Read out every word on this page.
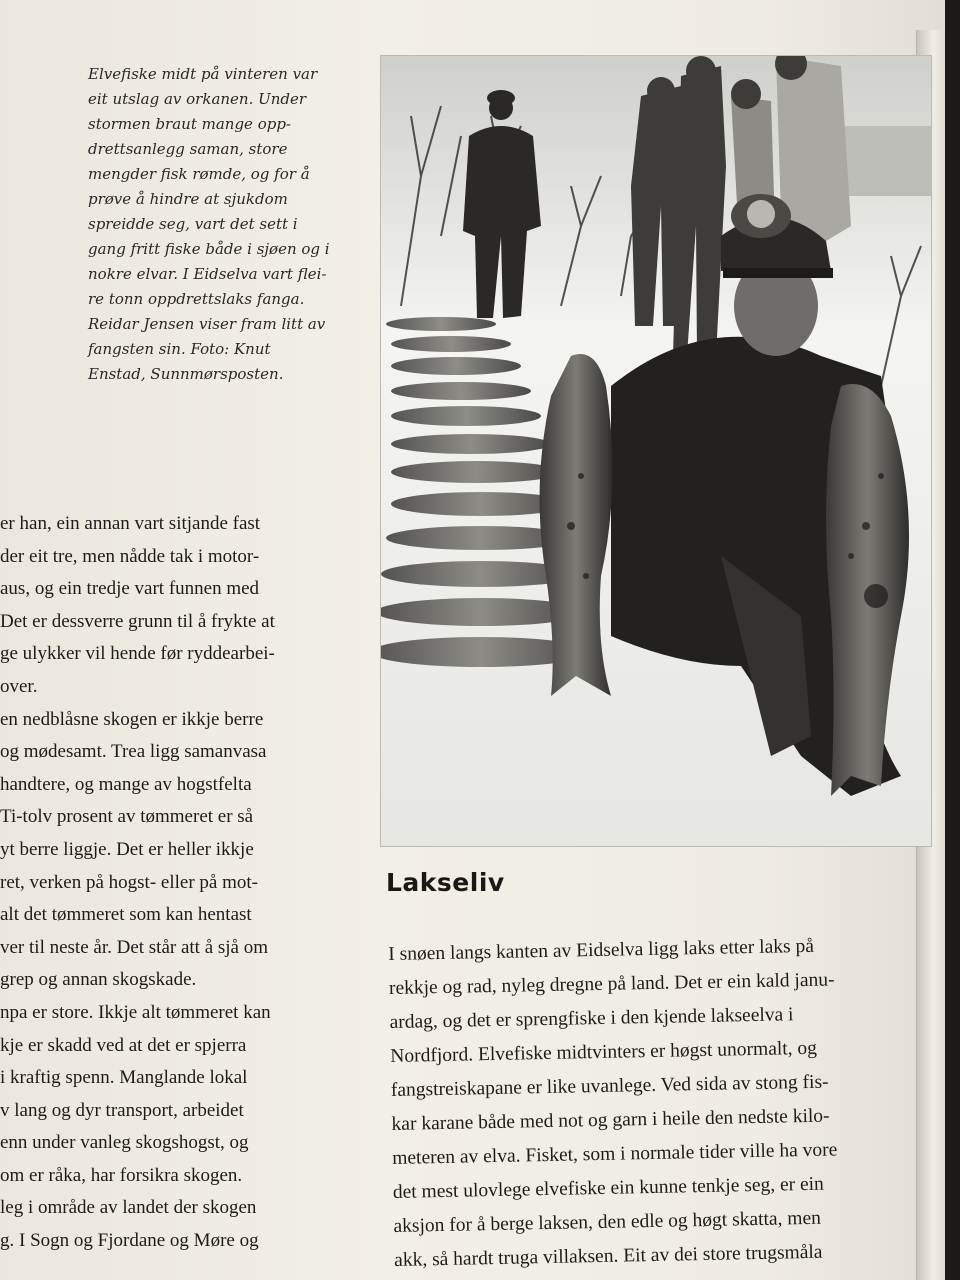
Elvefiske midt på vinteren var
eit utslag av orkanen. Under
stormen braut mange opp-
drettsanlegg saman, store
mengder fisk rømde, og for å
prøve å hindre at sjukdom
spreidde seg, vart det sett i
gang fritt fiske både i sjøen og i
nokre elvar. I Eidselva vart flei-
re tonn oppdrettslaks fanga.
Reidar Jensen viser fram litt av
fangsten sin. Foto: Knut
Enstad, Sunnmørsposten.

er han, ein annan vart sitjande fast
der eit tre, men nådde tak i motor-
aus, og ein tredje vart funnen med
Det er dessverre grunn til å frykte at
ge ulykker vil hende før ryddearbei-
over.
en nedblåsne skogen er ikkje berre
og mødesamt. Trea ligg samanvasa
handtere, og mange av hogstfelta
Ti-tolv prosent av tømmeret er så
yt berre liggje. Det er heller ikkje
ret, verken på hogst- eller på mot-
alt det tømmeret som kan hentast
ver til neste år. Det står att å sjå om
grep og annan skogskade.
npa er store. Ikkje alt tømmeret kan
kje er skadd ved at det er spjerra
i kraftig spenn. Manglande lokal
v lang og dyr transport, arbeidet
enn under vanleg skogshogst, og
om er råka, har forsikra skogen.
leg i område av landet der skogen
g. I Sogn og Fjordane og Møre og

Lakseliv

I snøen langs kanten av Eidselva ligg laks etter laks på
rekkje og rad, nyleg dregne på land. Det er ein kald janu-
ardag, og det er sprengfiske i den kjende lakseelva i
Nordfjord. Elvefiske midtvinters er høgst unormalt, og
fangstreiskapane er like uvanlege. Ved sida av stong fis-
kar karane både med not og garn i heile den nedste kilo-
meteren av elva. Fisket, som i normale tider ville ha vore
det mest ulovlege elvefiske ein kunne tenkje seg, er ein
aksjon for å berge laksen, den edle og høgt skatta, men
akk, så hardt truga villaksen. Eit av dei store trugsmåla
